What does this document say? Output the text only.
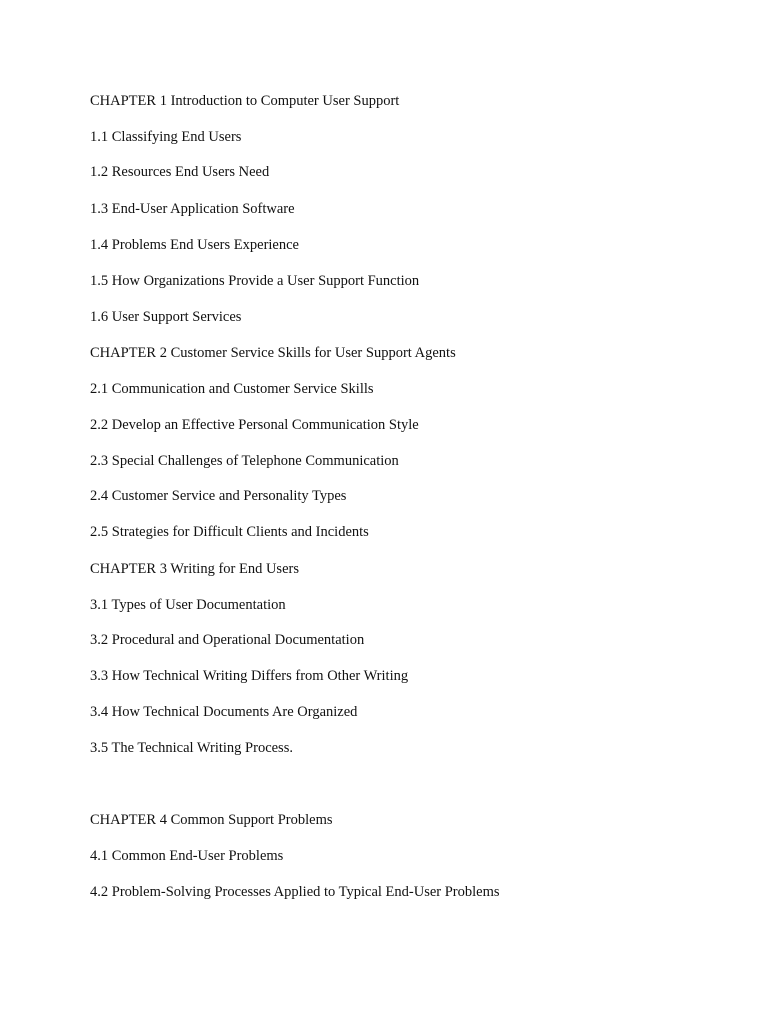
CHAPTER 1 Introduction to Computer User Support

1.1 Classifying End Users

1.2 Resources End Users Need

1.3 End-User Application Software

1.4 Problems End Users Experience

1.5 How Organizations Provide a User Support Function

1.6 User Support Services

CHAPTER 2 Customer Service Skills for User Support Agents

2.1 Communication and Customer Service Skills

2.2 Develop an Effective Personal Communication Style

2.3 Special Challenges of Telephone Communication

2.4 Customer Service and Personality Types

2.5 Strategies for Difficult Clients and Incidents

CHAPTER 3 Writing for End Users

3.1 Types of User Documentation

3.2 Procedural and Operational Documentation

3.3 How Technical Writing Differs from Other Writing

3.4 How Technical Documents Are Organized

3.5 The Technical Writing Process.

CHAPTER 4 Common Support Problems

4.1 Common End-User Problems

4.2 Problem-Solving Processes Applied to Typical End-User Problems
